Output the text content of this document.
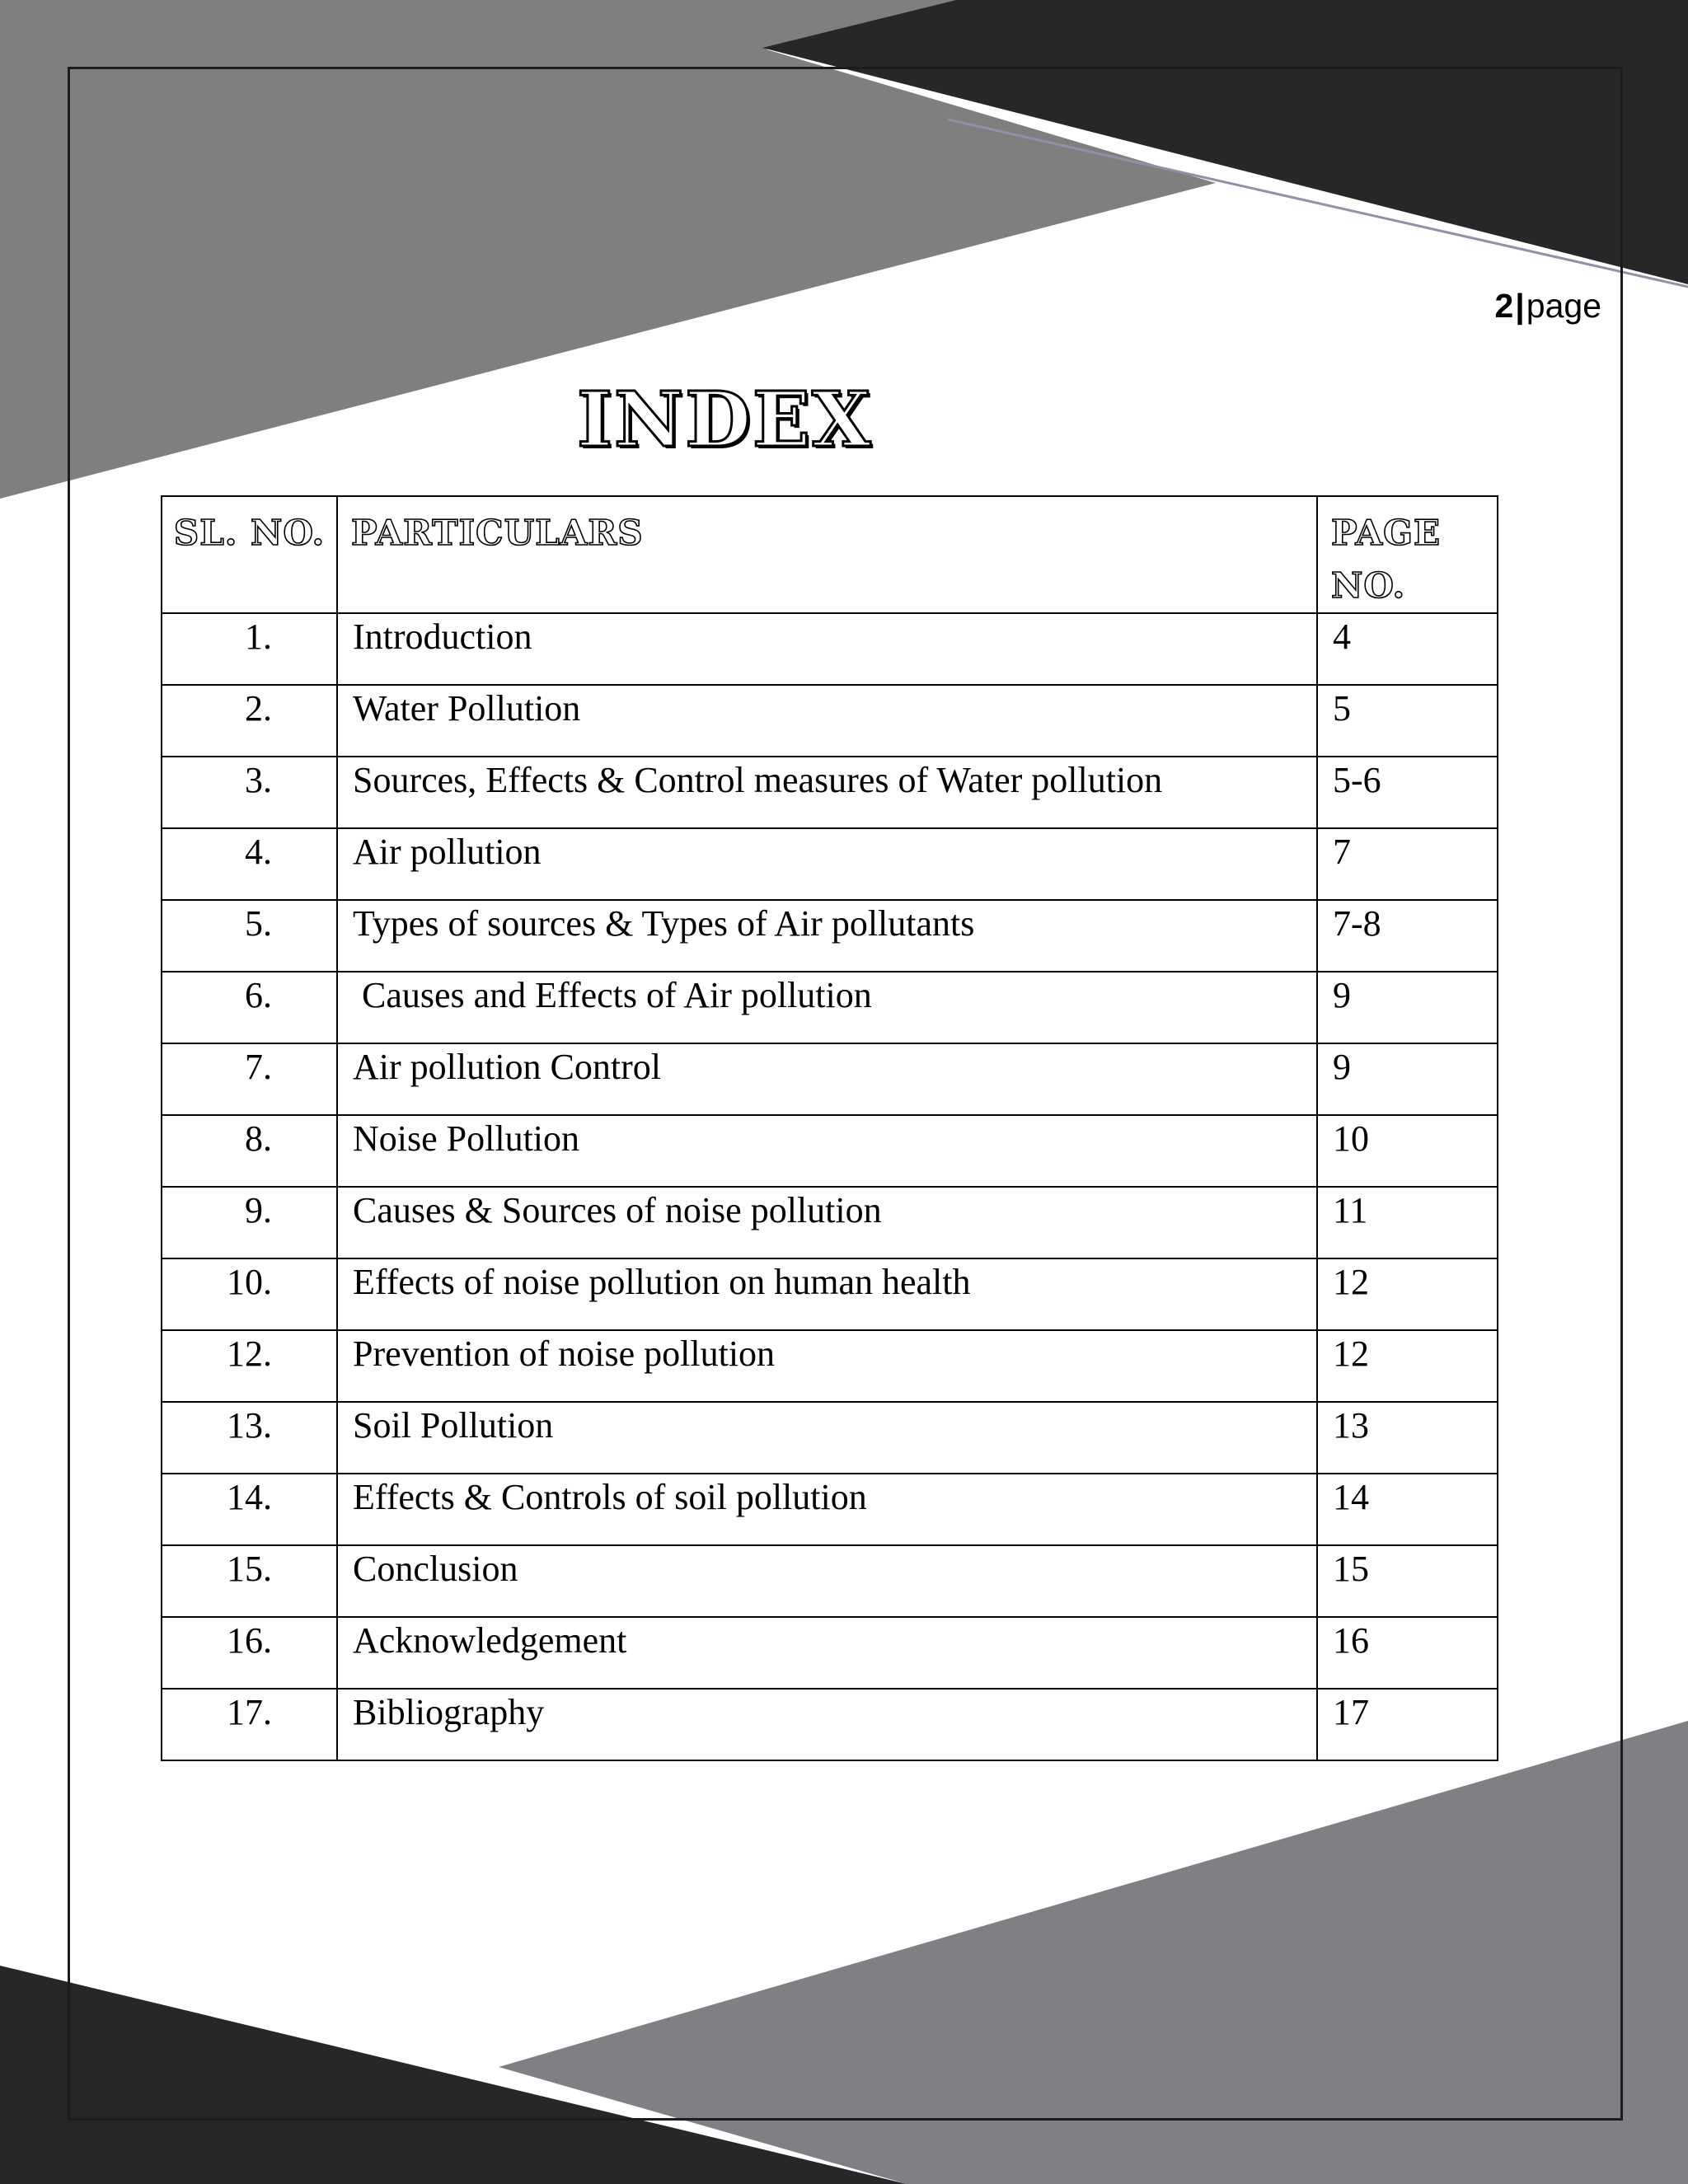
2|page
INDEX
SL. NO.	PARTICULARS	PAGE
NO.
1.	Introduction	4
2.	Water Pollution	5
3.	Sources, Effects & Control measures of Water pollution	5-6
4.	Air pollution	7
5.	Types of sources & Types of Air pollutants	7-8
6.	Causes and Effects of Air pollution	9
7.	Air pollution Control	9
8.	Noise Pollution	10
9.	Causes & Sources of noise pollution	11
10.	Effects of noise pollution on human health	12
12.	Prevention of noise pollution	12
13.	Soil Pollution	13
14.	Effects & Controls of soil pollution	14
15.	Conclusion	15
16.	Acknowledgement	16
17.	Bibliography	17
